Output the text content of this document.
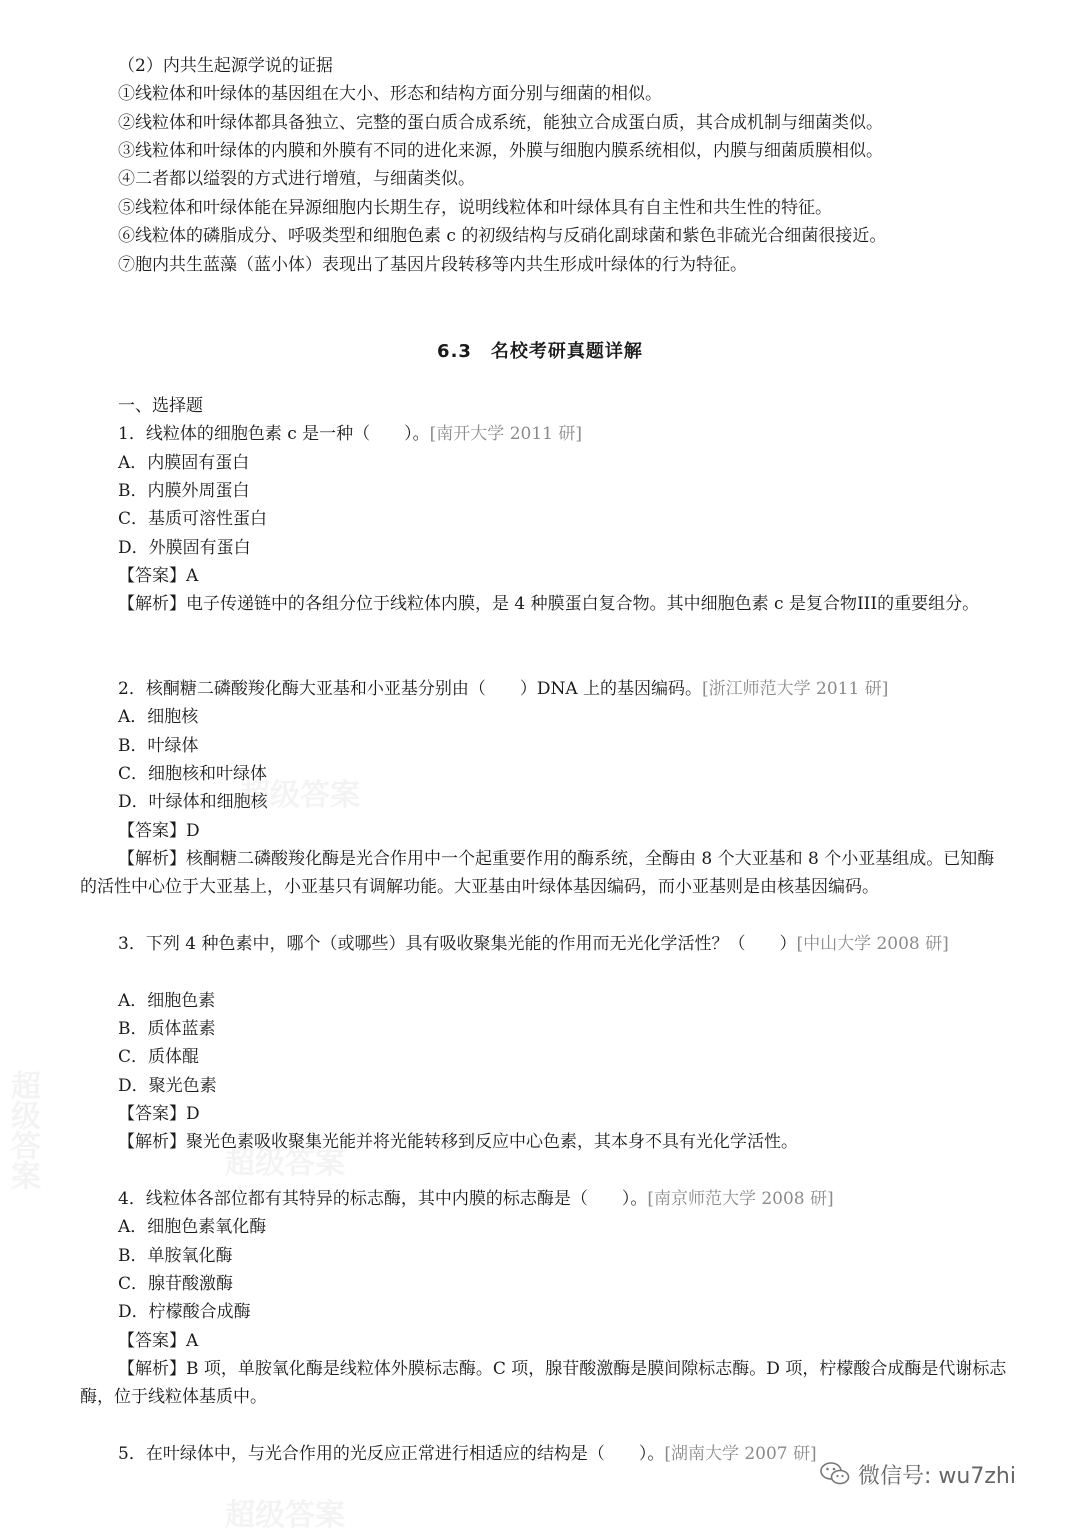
（2）内共生起源学说的证据
①线粒体和叶绿体的基因组在大小、形态和结构方面分别与细菌的相似。
②线粒体和叶绿体都具备独立、完整的蛋白质合成系统，能独立合成蛋白质，其合成机制与细菌类似。
③线粒体和叶绿体的内膜和外膜有不同的进化来源，外膜与细胞内膜系统相似，内膜与细菌质膜相似。
④二者都以缢裂的方式进行增殖，与细菌类似。
⑤线粒体和叶绿体能在异源细胞内长期生存，说明线粒体和叶绿体具有自主性和共生性的特征。
⑥线粒体的磷脂成分、呼吸类型和细胞色素 c 的初级结构与反硝化副球菌和紫色非硫光合细菌很接近。
⑦胞内共生蓝藻（蓝小体）表现出了基因片段转移等内共生形成叶绿体的行为特征。
6.3　名校考研真题详解
一、选择题
1．线粒体的细胞色素 c 是一种（　　）。[南开大学 2011 研]
A．内膜固有蛋白
B．内膜外周蛋白
C．基质可溶性蛋白
D．外膜固有蛋白
【答案】A
【解析】电子传递链中的各组分位于线粒体内膜，是 4 种膜蛋白复合物。其中细胞色素 c 是复合物III的重要组分。
2．核酮糖二磷酸羧化酶大亚基和小亚基分别由（　　）DNA 上的基因编码。[浙江师范大学 2011 研]
A．细胞核
B．叶绿体
C．细胞核和叶绿体
D．叶绿体和细胞核
【答案】D
【解析】核酮糖二磷酸羧化酶是光合作用中一个起重要作用的酶系统，全酶由 8 个大亚基和 8 个小亚基组成。已知酶的活性中心位于大亚基上，小亚基只有调解功能。大亚基由叶绿体基因编码，而小亚基则是由核基因编码。
3．下列 4 种色素中，哪个（或哪些）具有吸收聚集光能的作用而无光化学活性？（　　）[中山大学 2008 研]
A．细胞色素
B．质体蓝素
C．质体醌
D．聚光色素
【答案】D
【解析】聚光色素吸收聚集光能并将光能转移到反应中心色素，其本身不具有光化学活性。
4．线粒体各部位都有其特异的标志酶，其中内膜的标志酶是（　　）。[南京师范大学 2008 研]
A．细胞色素氧化酶
B．单胺氧化酶
C．腺苷酸激酶
D．柠檬酸合成酶
【答案】A
【解析】B 项，单胺氧化酶是线粒体外膜标志酶。C 项，腺苷酸激酶是膜间隙标志酶。D 项，柠檬酸合成酶是代谢标志酶，位于线粒体基质中。
5．在叶绿体中，与光合作用的光反应正常进行相适应的结构是（　　）。[湖南大学 2007 研]
超级答案
超级答案
超级答案
超级答案
微信号: wu7zhi
